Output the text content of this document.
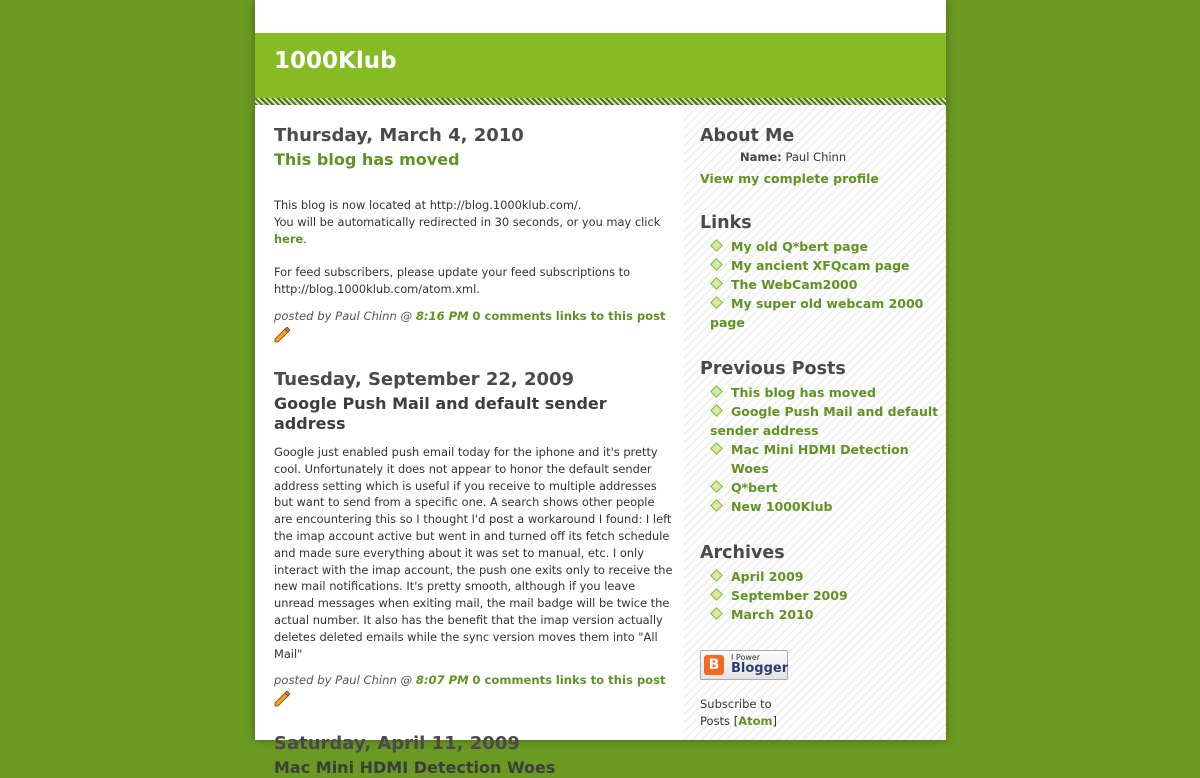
1000Klub
Thursday, March 4, 2010
This blog has moved

This blog is now located at http://blog.1000klub.com/.

You will be automatically redirected in 30 seconds, or you may click here.

For feed subscribers, please update your feed subscriptions to http://blog.1000klub.com/atom.xml.

posted by Paul Chinn @ 8:16 PM 0 comments links to this post
Tuesday, September 22, 2009
Google Push Mail and default sender address

Google just enabled push email today for the iphone and it's pretty cool. Unfortunately it does not appear to honor the default sender address setting which is useful if you receive to multiple addresses but want to send from a specific one. A search shows other people are encountering this so I thought I'd post a workaround I found: I left the imap account active but went in and turned off its fetch schedule and made sure everything about it was set to manual, etc. I only interact with the imap account, the push one exits only to receive the new mail notifications. It's pretty smooth, although if you leave unread messages when exiting mail, the mail badge will be twice the actual number. It also has the benefit that the imap version actually deletes deleted emails while the sync version moves them into "All Mail"

posted by Paul Chinn @ 8:07 PM 0 comments links to this post
Saturday, April 11, 2009
Mac Mini HDMI Detection Woes
About Me
Name: Paul Chinn
View my complete profile
Links
My old Q*bert page
My ancient XFQcam page
The WebCam2000
My super old webcam 2000 page
Previous Posts
This blog has moved
Google Push Mail and default sender address
Mac Mini HDMI Detection Woes
Q*bert
New 1000Klub
Archives
April 2009
September 2009
March 2010
B	I Power
Blogger
Subscribe to
Posts [Atom]
